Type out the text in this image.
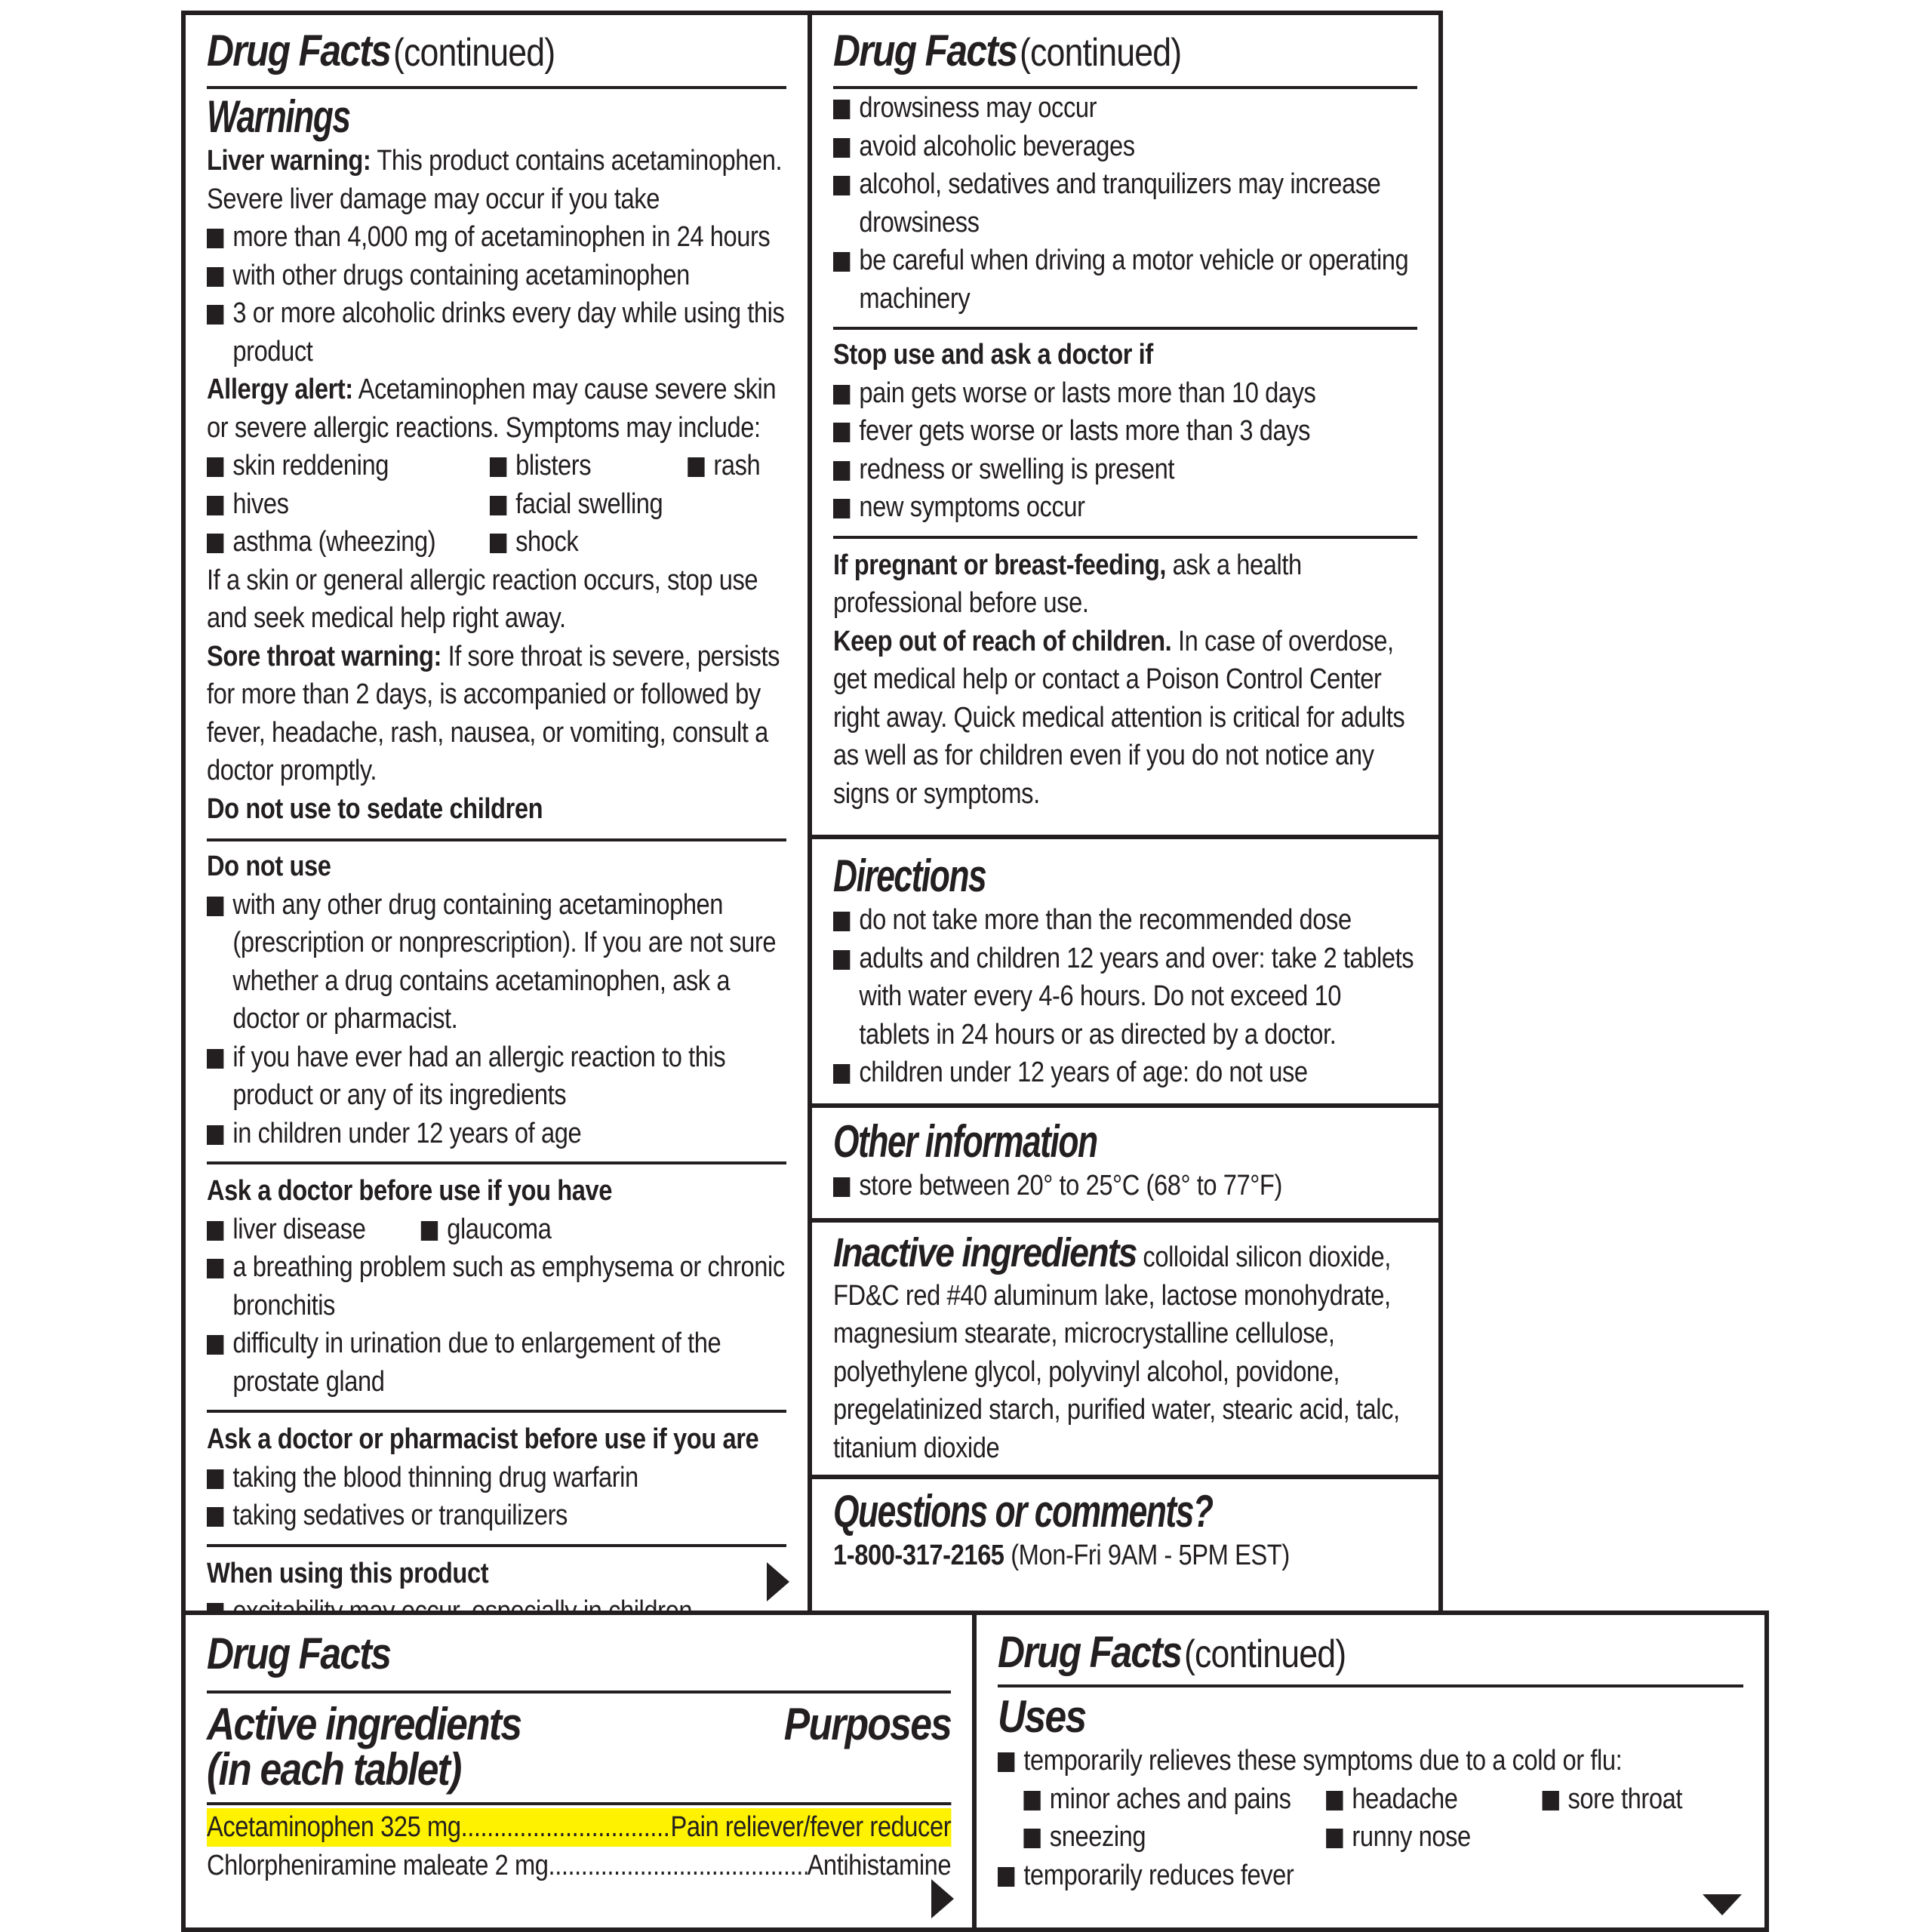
Drug Facts (continued)
Warnings
Liver warning: This product contains acetaminophen. Severe liver damage may occur if you take
more than 4,000 mg of acetaminophen in 24 hours
with other drugs containing acetaminophen
3 or more alcoholic drinks every day while using this product
Allergy alert: Acetaminophen may cause severe skin or severe allergic reactions. Symptoms may include:
skin reddening	blisters	rash
hives	facial swelling
asthma (wheezing)	shock
If a skin or general allergic reaction occurs, stop use and seek medical help right away.
Sore throat warning: If sore throat is severe, persists for more than 2 days, is accompanied or followed by fever, headache, rash, nausea, or vomiting, consult a doctor promptly.
Do not use to sedate children
Do not use
with any other drug containing acetaminophen (prescription or nonprescription). If you are not sure whether a drug contains acetaminophen, ask a doctor or pharmacist.
if you have ever had an allergic reaction to this product or any of its ingredients
in children under 12 years of age
Ask a doctor before use if you have
liver disease	glaucoma
a breathing problem such as emphysema or chronic bronchitis
difficulty in urination due to enlargement of the prostate gland
Ask a doctor or pharmacist before use if you are
taking the blood thinning drug warfarin
taking sedatives or tranquilizers
When using this product
Drug Facts (continued)
drowsiness may occur
avoid alcoholic beverages
alcohol, sedatives and tranquilizers may increase drowsiness
be careful when driving a motor vehicle or operating machinery
Stop use and ask a doctor if
pain gets worse or lasts more than 10 days
fever gets worse or lasts more than 3 days
redness or swelling is present
new symptoms occur
If pregnant or breast-feeding, ask a health professional before use.
Keep out of reach of children. In case of overdose, get medical help or contact a Poison Control Center right away. Quick medical attention is critical for adults as well as for children even if you do not notice any signs or symptoms.
Directions
do not take more than the recommended dose
adults and children 12 years and over: take 2 tablets with water every 4-6 hours. Do not exceed 10 tablets in 24 hours or as directed by a doctor.
children under 12 years of age: do not use
Other information
store between 20° to 25°C (68° to 77°F)
Inactive ingredients colloidal silicon dioxide, FD&C red #40 aluminum lake, lactose monohydrate, magnesium stearate, microcrystalline cellulose, polyethylene glycol, polyvinyl alcohol, povidone, pregelatinized starch, purified water, stearic acid, talc, titanium dioxide
Questions or comments?
1-800-317-2165 (Mon-Fri 9AM - 5PM EST)
Drug Facts
Active ingredients
(in each tablet)
Purposes
Acetaminophen 325 mg .....	Pain reliever/fever reducer
Chlorpheniramine maleate 2 mg .....	Antihistamine
Drug Facts (continued)
Uses
temporarily relieves these symptoms due to a cold or flu:
minor aches and pains	headache	sore throat
sneezing	runny nose
temporarily reduces fever
